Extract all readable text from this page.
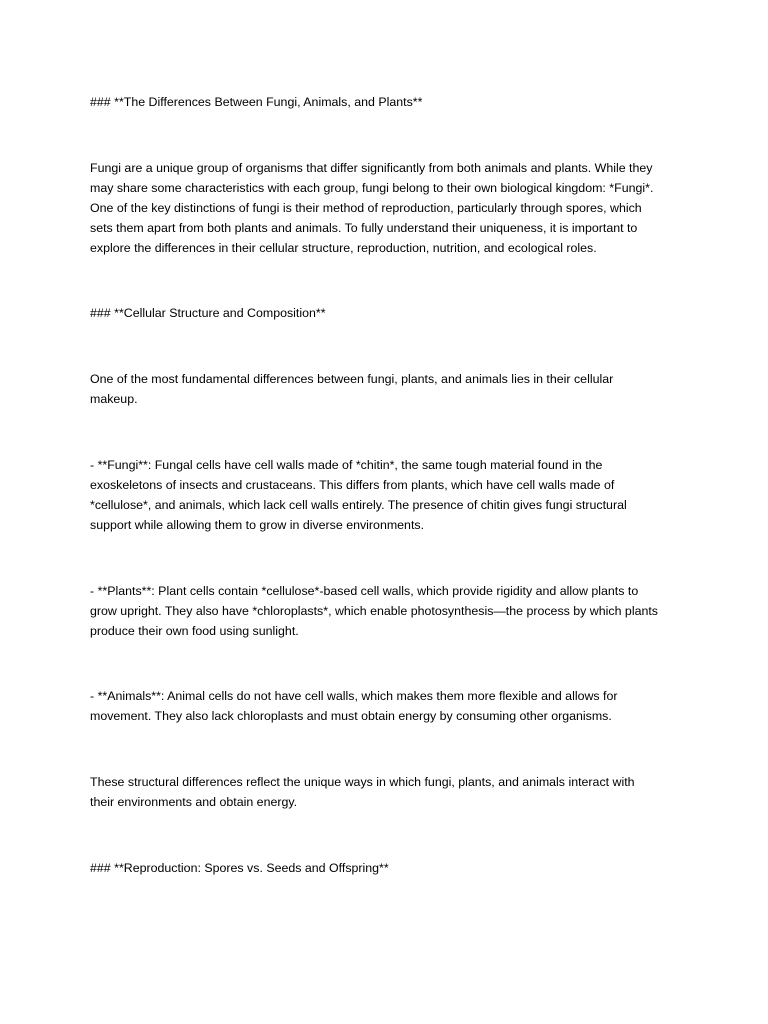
### **The Differences Between Fungi, Animals, and Plants**

Fungi are a unique group of organisms that differ significantly from both animals and plants. While they
may share some characteristics with each group, fungi belong to their own biological kingdom: *Fungi*.
One of the key distinctions of fungi is their method of reproduction, particularly through spores, which
sets them apart from both plants and animals. To fully understand their uniqueness, it is important to
explore the differences in their cellular structure, reproduction, nutrition, and ecological roles.

### **Cellular Structure and Composition**

One of the most fundamental differences between fungi, plants, and animals lies in their cellular
makeup.

- **Fungi**: Fungal cells have cell walls made of *chitin*, the same tough material found in the
exoskeletons of insects and crustaceans. This differs from plants, which have cell walls made of
*cellulose*, and animals, which lack cell walls entirely. The presence of chitin gives fungi structural
support while allowing them to grow in diverse environments.

- **Plants**: Plant cells contain *cellulose*-based cell walls, which provide rigidity and allow plants to
grow upright. They also have *chloroplasts*, which enable photosynthesis—the process by which plants
produce their own food using sunlight.

- **Animals**: Animal cells do not have cell walls, which makes them more flexible and allows for
movement. They also lack chloroplasts and must obtain energy by consuming other organisms.

These structural differences reflect the unique ways in which fungi, plants, and animals interact with
their environments and obtain energy.

### **Reproduction: Spores vs. Seeds and Offspring**
